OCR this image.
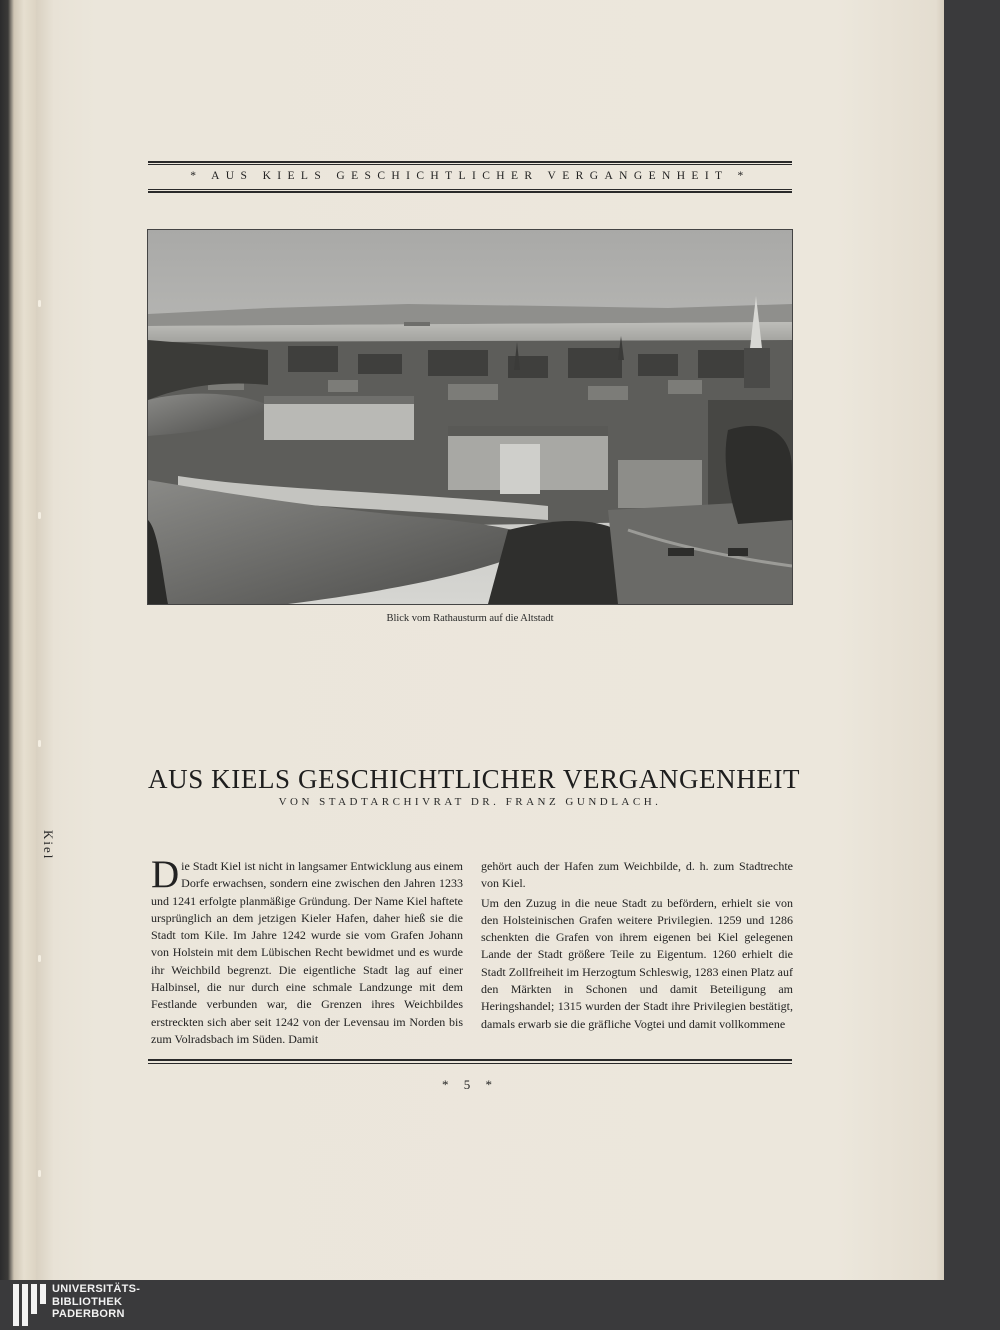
Kiel
* AUS KIELS GESCHICHTLICHER VERGANGENHEIT *
Blick vom Rathausturm auf die Altstadt
AUS KIELS GESCHICHTLICHER VERGANGENHEIT
VON STADTARCHIVRAT DR. FRANZ GUNDLACH.

Die Stadt Kiel ist nicht in langsamer Entwicklung aus einem Dorfe erwachsen, sondern eine zwischen den Jahren 1233 und 1241 erfolgte planmäßige Gründung. Der Name Kiel haftete ursprünglich an dem jetzigen Kieler Hafen, daher hieß sie die Stadt tom Kile. Im Jahre 1242 wurde sie vom Grafen Johann von Holstein mit dem Lübischen Recht bewidmet und es wurde ihr Weichbild begrenzt. Die eigentliche Stadt lag auf einer Halbinsel, die nur durch eine schmale Landzunge mit dem Festlande verbunden war, die Grenzen ihres Weichbildes erstreckten sich aber seit 1242 von der Levensau im Norden bis zum Volradsbach im Süden. Damit

gehört auch der Hafen zum Weichbilde, d. h. zum Stadtrechte von Kiel.

Um den Zuzug in die neue Stadt zu befördern, erhielt sie von den Holsteinischen Grafen weitere Privilegien. 1259 und 1286 schenkten die Grafen von ihrem eigenen bei Kiel gelegenen Lande der Stadt größere Teile zu Eigentum. 1260 erhielt die Stadt Zollfreiheit im Herzogtum Schleswig, 1283 einen Platz auf den Märkten in Schonen und damit Beteiligung am Heringshandel; 1315 wurden der Stadt ihre Privilegien bestätigt, damals erwarb sie die gräfliche Vogtei und damit vollkommene

* 5 *
UNIVERSITÄTS-
BIBLIOTHEK
PADERBORN
